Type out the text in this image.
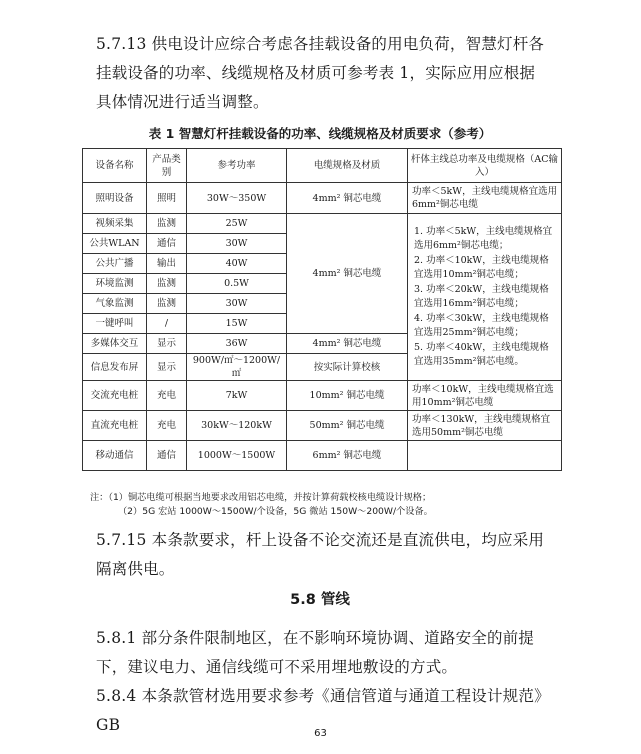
5.7.13 供电设计应综合考虑各挂载设备的用电负荷，智慧灯杆各挂载设备的功率、线缆规格及材质可参考表 1，实际应用应根据具体情况进行适当调整。
表 1 智慧灯杆挂载设备的功率、线缆规格及材质要求（参考）
设备名称	产品类别	参考功率	电缆规格及材质	杆体主线总功率及电缆规格（AC输入）
照明设备	照明	30W～350W	4mm² 铜芯电缆	功率＜5kW，主线电缆规格宜选用6mm²铜芯电缆
视频采集	监测	25W	4mm² 铜芯电缆	1. 功率＜5kW，主线电缆规格宜选用6mm²铜芯电缆；
2. 功率＜10kW，主线电缆规格宜选用10mm²铜芯电缆；
3. 功率＜20kW，主线电缆规格宜选用16mm²铜芯电缆；
4. 功率＜30kW，主线电缆规格宜选用25mm²铜芯电缆；
5. 功率＜40kW，主线电缆规格宜选用35mm²铜芯电缆。

公共WLAN	通信	30W		
公共广播	输出	40W		
环境监测	监测	0.5W		
气象监测	监测	30W		
一键呼叫	/	15W		
多媒体交互	显示	36W	4mm² 铜芯电缆	
信息发布屏	显示	900W/㎡～1200W/㎡	按实际计算校核	
交流充电桩	充电	7kW	10mm² 铜芯电缆	功率＜10kW，主线电缆规格宜选用10mm²铜芯电缆
直流充电桩	充电	30kW～120kW	50mm² 铜芯电缆	功率＜130kW，主线电缆规格宜选用50mm²铜芯电缆
移动通信	通信	1000W～1500W	6mm² 铜芯电缆	
注：（1）铜芯电缆可根据当地要求改用铝芯电缆，并按计算荷载校核电缆设计规格；
（2）5G 宏站 1000W～1500W/个设备，5G 微站 150W～200W/个设备。
5.7.15 本条款要求，杆上设备不论交流还是直流供电，均应采用隔离供电。
5.8 管线
5.8.1 部分条件限制地区，在不影响环境协调、道路安全的前提下，建议电力、通信线缆可不采用埋地敷设的方式。
5.8.4 本条款管材选用要求参考《通信管道与通道工程设计规范》GB	63
